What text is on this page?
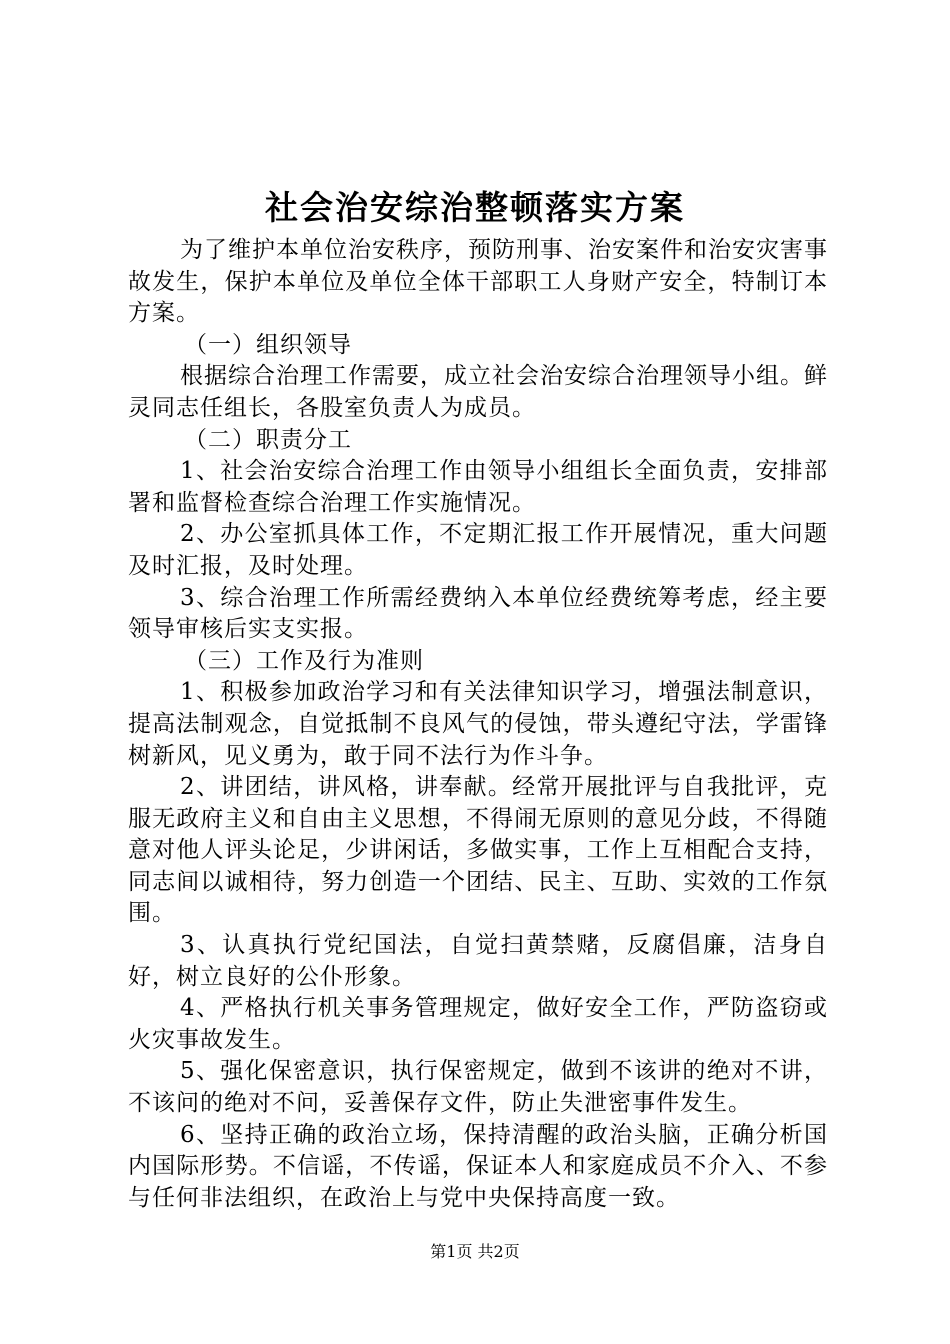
社会治安综治整顿落实方案

为了维护本单位治安秩序，预防刑事、治安案件和治安灾害事故发生，保护本单位及单位全体干部职工人身财产安全，特制订本方案。

（一）组织领导

根据综合治理工作需要，成立社会治安综合治理领导小组。鲜灵同志任组长，各股室负责人为成员。

（二）职责分工

1、社会治安综合治理工作由领导小组组长全面负责，安排部署和监督检查综合治理工作实施情况。

2、办公室抓具体工作，不定期汇报工作开展情况，重大问题及时汇报，及时处理。

3、综合治理工作所需经费纳入本单位经费统筹考虑，经主要领导审核后实支实报。

（三）工作及行为准则

1、积极参加政治学习和有关法律知识学习，增强法制意识，提高法制观念，自觉抵制不良风气的侵蚀，带头遵纪守法，学雷锋树新风，见义勇为，敢于同不法行为作斗争。

2、讲团结，讲风格，讲奉献。经常开展批评与自我批评，克服无政府主义和自由主义思想，不得闹无原则的意见分歧，不得随意对他人评头论足，少讲闲话，多做实事，工作上互相配合支持，同志间以诚相待，努力创造一个团结、民主、互助、实效的工作氛围。

3、认真执行党纪国法，自觉扫黄禁赌，反腐倡廉，洁身自好，树立良好的公仆形象。

4、严格执行机关事务管理规定，做好安全工作，严防盗窃或火灾事故发生。

5、强化保密意识，执行保密规定，做到不该讲的绝对不讲，不该问的绝对不问，妥善保存文件，防止失泄密事件发生。

6、坚持正确的政治立场，保持清醒的政治头脑，正确分析国内国际形势。不信谣，不传谣，保证本人和家庭成员不介入、不参与任何非法组织，在政治上与党中央保持高度一致。

第1页 共2页
